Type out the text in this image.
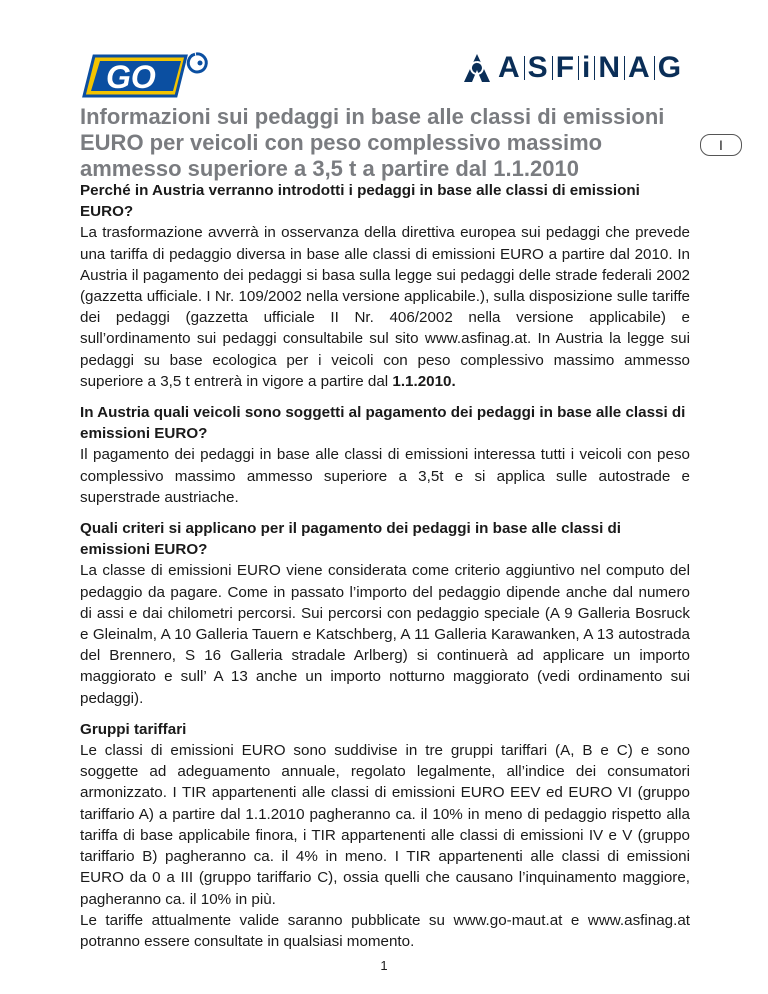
GO	A S F i N A G
Informazioni sui pedaggi in base alle classi di emissioni EURO per veicoli con peso complessivo massimo ammesso superiore a 3,5 t a partire dal 1.1.2010
I
Perché in Austria verranno introdotti i pedaggi in base alle classi di emissioni EURO?

La trasformazione avverrà in osservanza della direttiva europea sui pedaggi che prevede una tariffa di pedaggio diversa in base alle classi di emissioni EURO a partire dal 2010. In Austria il pagamento dei pedaggi si basa sulla legge sui pedaggi delle strade federali 2002 (gazzetta ufficiale. I Nr. 109/2002 nella versione applicabile.), sulla disposizione sulle tariffe dei pedaggi (gazzetta ufficiale II Nr. 406/2002 nella versione applicabile) e sull’ordinamento sui pedaggi consultabile sul sito www.asfinag.at. In Austria la legge sui pedaggi su base ecologica per i veicoli con peso complessivo massimo ammesso superiore a 3,5 t entrerà in vigore a partire dal 1.1.2010.

In Austria quali veicoli sono soggetti al pagamento dei pedaggi in base alle classi di emissioni EURO?

Il pagamento dei pedaggi in base alle classi di emissioni interessa tutti i veicoli con peso complessivo massimo ammesso superiore a 3,5t e si applica sulle autostrade e superstrade austriache.

Quali criteri si applicano per il pagamento dei pedaggi in base alle classi di emissioni EURO?

La classe di emissioni EURO viene considerata come criterio aggiuntivo nel computo del pedaggio da pagare. Come in passato l’importo del pedaggio dipende anche dal numero di assi e dai chilometri percorsi. Sui percorsi con pedaggio speciale (A 9 Galleria Bosruck e Gleinalm, A 10 Galleria Tauern e Katschberg, A 11 Galleria Karawanken, A 13 autostrada del Brennero, S 16 Galleria stradale Arlberg) si continuerà ad applicare un importo maggiorato e sull’ A 13 anche un importo notturno maggiorato (vedi ordinamento sui pedaggi).

Gruppi tariffari

Le classi di emissioni EURO sono suddivise in tre gruppi tariffari (A, B e C) e sono soggette ad adeguamento annuale, regolato legalmente, all’indice dei consumatori armonizzato. I TIR appartenenti alle classi di emissioni EURO EEV ed EURO VI (gruppo tariffario A) a partire dal 1.1.2010 pagheranno ca. il 10% in meno di pedaggio rispetto alla tariffa di base applicabile finora, i TIR appartenenti alle classi di emissioni IV e V (gruppo tariffario B) pagheranno ca. il 4% in meno. I TIR appartenenti alle classi di emissioni EURO da 0 a III (gruppo tariffario C), ossia quelli che causano l’inquinamento maggiore, pagheranno ca. il 10% in più.

Le tariffe attualmente valide saranno pubblicate su www.go-maut.at e www.asfinag.at potranno essere consultate in qualsiasi momento.

1
